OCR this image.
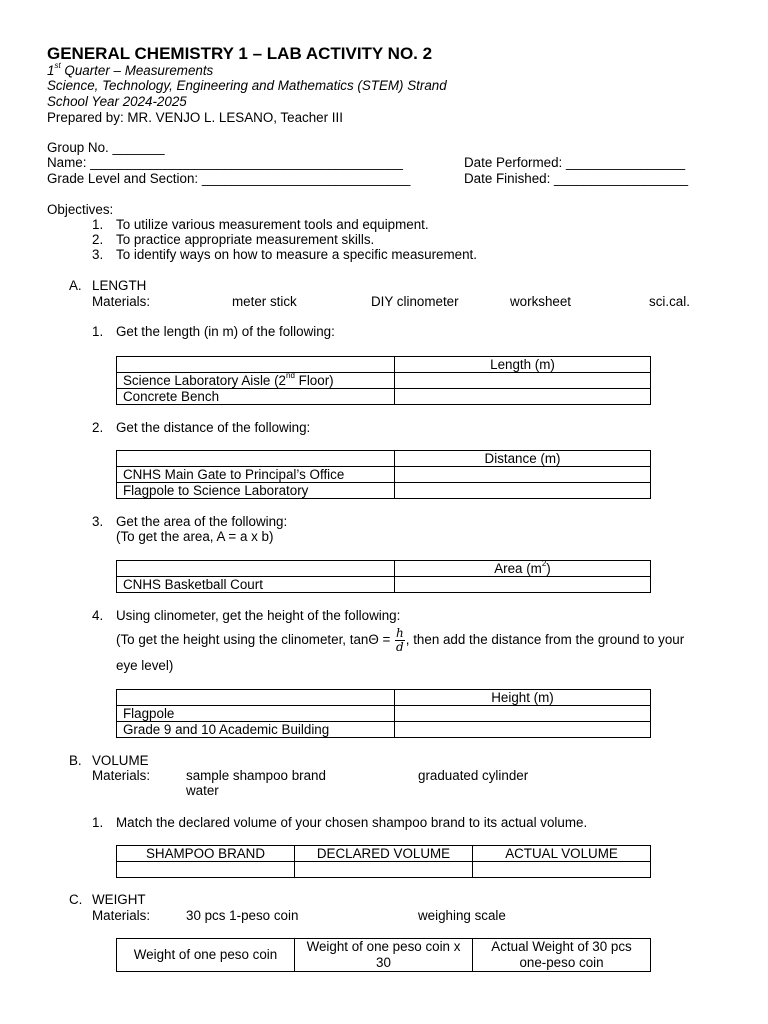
GENERAL CHEMISTRY 1 – LAB ACTIVITY NO. 2
1st Quarter – Measurements
Science, Technology, Engineering and Mathematics (STEM) Strand
School Year 2024-2025
Prepared by: MR. VENJO L. LESANO, Teacher III
Group No. _______
Name: __________________________________________
Grade Level and Section: ____________________________
Date Performed: ________________
Date Finished: __________________
Objectives:
1. To utilize various measurement tools and equipment.
2. To practice appropriate measurement skills.
3. To identify ways on how to measure a specific measurement.
A. LENGTH
Materials:	meter stick	DIY clinometer	worksheet	sci.cal.
1. Get the length (in m) of the following:
	Length (m)
Science Laboratory Aisle (2nd Floor)	
Concrete Bench	
2. Get the distance of the following:
	Distance (m)
CNHS Main Gate to Principal’s Office	
Flagpole to Science Laboratory	
3. Get the area of the following:
(To get the area, A = a x b)
	Area $(m^2)$
CNHS Basketball Court	
4. Using clinometer, get the height of the following:
(To get the height using the clinometer, $\tan\Theta = \frac{h}{d}$ , then add the distance from the ground to your
eye level)
	Height (m)
Flagpole	
Grade 9 and 10 Academic Building	
B. VOLUME
Materials:	sample shampoo brand	graduated cylinder
water
1. Match the declared volume of your chosen shampoo brand to its actual volume.
SHAMPOO BRAND	DECLARED VOLUME	ACTUAL VOLUME

C. WEIGHT
Materials:	30 pcs 1-peso coin	weighing scale
Weight of one peso coin	Weight of one peso coin x 30	Actual Weight of 30 pcs one-peso coin
